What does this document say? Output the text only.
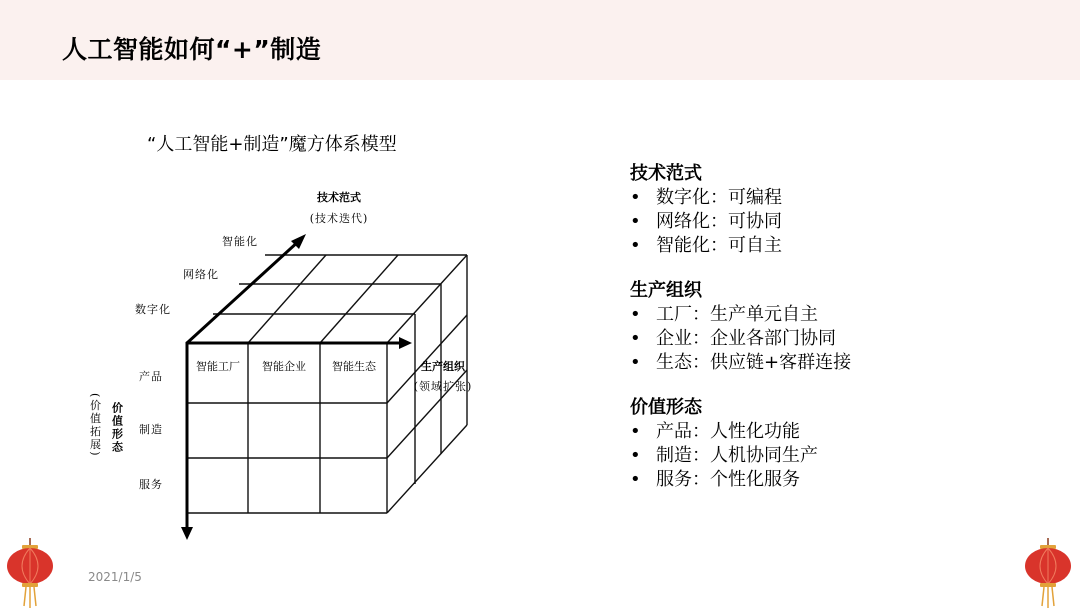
人工智能如何“+”制造
“人工智能+制造”魔方体系模型
技术范式
(技术迭代)
生产组织
(领域扩张)
价值形态
(价值拓展)
智能化
网络化
数字化
智能工厂 智能企业 智能生态
产品
制造
服务
技术范式
• 数字化：可编程
• 网络化：可协同
• 智能化：可自主
生产组织
• 工厂：生产单元自主
• 企业：企业各部门协同
• 生态：供应链+客群连接
价值形态
• 产品：人性化功能
• 制造：人机协同生产
• 服务：个性化服务
2021/1/5
